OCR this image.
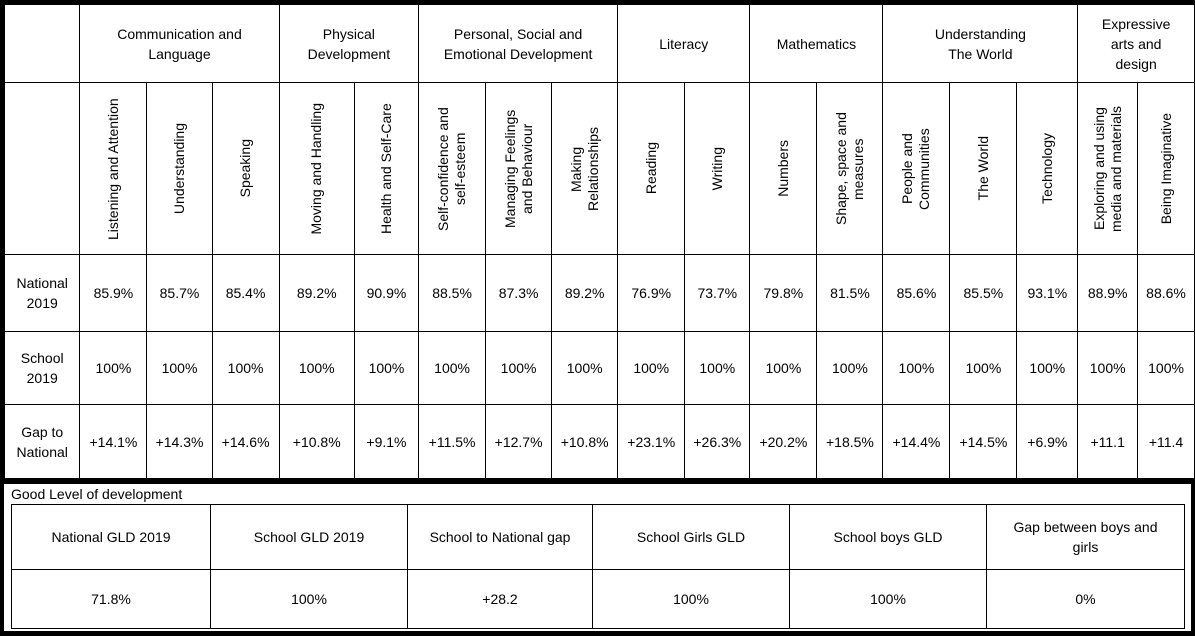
	Communication and Language			Physical Development		Personal, Social and Emotional Development			Literacy		Mathematics		Understanding The World			Expressive arts and design	

	Listening and Attention	Understanding	Speaking	Moving and Handling	Health and Self-Care	Self-confidence and self-esteem	Managing Feelings and Behaviour	Making Relationships	Reading	Writing	Numbers	Shape, space and measures	People and Communities	The World	Technology	Exploring and using media and materials	Being Imaginative

National 2019	85.9%	85.7%	85.4%	89.2%	90.9%	88.5%	87.3%	89.2%	76.9%	73.7%	79.8%	81.5%	85.6%	85.5%	93.1%	88.9%	88.6%
School 2019	100%	100%	100%	100%	100%	100%	100%	100%	100%	100%	100%	100%	100%	100%	100%	100%	100%
Gap to National	+14.1%	+14.3%	+14.6%	+10.8%	+9.1%	+11.5%	+12.7%	+10.8%	+23.1%	+26.3%	+20.2%	+18.5%	+14.4%	+14.5%	+6.9%	+11.1	+11.4
Good Level of development
National GLD 2019	School GLD 2019	School to National gap	School Girls GLD	School boys GLD	Gap between boys and girls
71.8%	100%	+28.2	100%	100%	0%
